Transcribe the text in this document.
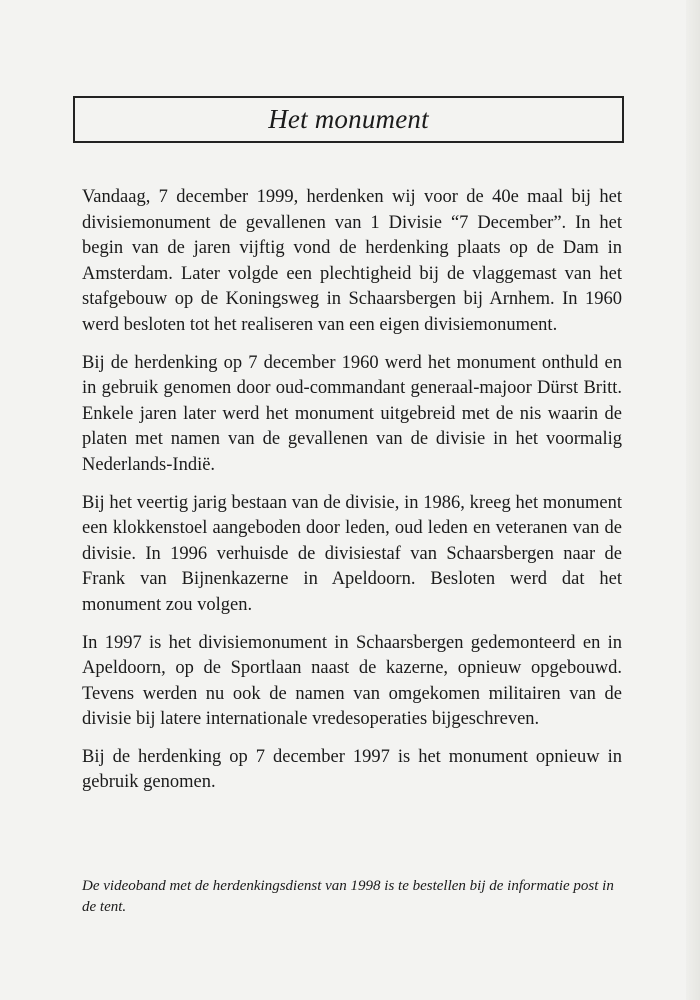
Het monument

Vandaag, 7 december 1999, herdenken wij voor de 40e maal bij het divisiemonument de gevallenen van 1 Divisie “7 December”. In het begin van de jaren vijftig vond de herdenking plaats op de Dam in Amsterdam. Later volgde een plechtigheid bij de vlaggemast van het stafgebouw op de Koningsweg in Schaarsbergen bij Arnhem. In 1960 werd besloten tot het realiseren van een eigen divisiemonument.

Bij de herdenking op 7 december 1960 werd het monument onthuld en in gebruik genomen door oud-commandant generaal-majoor Dürst Britt. Enkele jaren later werd het monument uitgebreid met de nis waarin de platen met namen van de gevallenen van de divisie in het voormalig Nederlands-Indië.

Bij het veertig jarig bestaan van de divisie, in 1986, kreeg het monument een klokkenstoel aangeboden door leden, oud leden en veteranen van de divisie. In 1996 verhuisde de divisiestaf van Schaarsbergen naar de Frank van Bijnenkazerne in Apeldoorn. Besloten werd dat het monument zou volgen.

In 1997 is het divisiemonument in Schaarsbergen gedemonteerd en in Apeldoorn, op de Sportlaan naast de kazerne, opnieuw opgebouwd. Tevens werden nu ook de namen van omgekomen militairen van de divisie bij latere internationale vredesoperaties bijgeschreven.

Bij de herdenking op 7 december 1997 is het monument opnieuw in gebruik genomen.

De videoband met de herdenkingsdienst van 1998 is te bestellen bij de informatie post in de tent.
